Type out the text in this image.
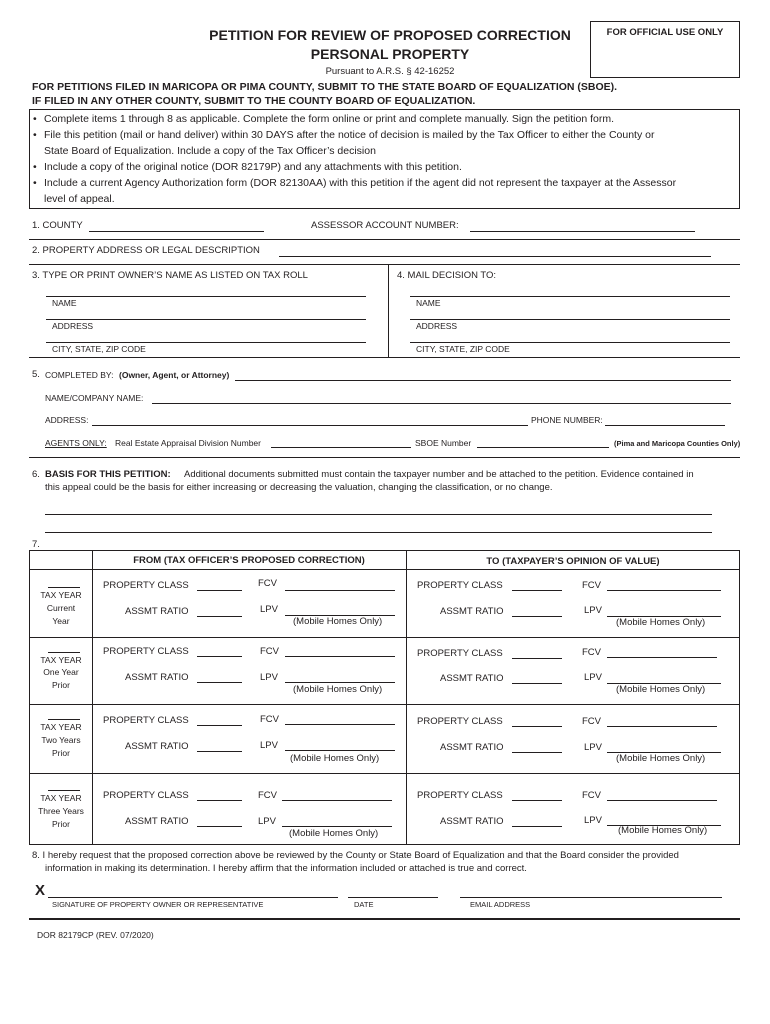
PETITION FOR REVIEW OF PROPOSED CORRECTION
PERSONAL PROPERTY
Pursuant to A.R.S. § 42-16252
FOR OFFICIAL USE ONLY
FOR PETITIONS FILED IN MARICOPA OR PIMA COUNTY, SUBMIT TO THE STATE BOARD OF EQUALIZATION (SBOE).
IF FILED IN ANY OTHER COUNTY, SUBMIT TO THE COUNTY BOARD OF EQUALIZATION.
• Complete items 1 through 8 as applicable. Complete the form online or print and complete manually. Sign the petition form.
• File this petition (mail or hand deliver) within 30 DAYS after the notice of decision is mailed by the Tax Officer to either the County or
State Board of Equalization. Include a copy of the Tax Officer’s decision
• Include a copy of the original notice (DOR 82179P) and any attachments with this petition.
• Include a current Agency Authorization form (DOR 82130AA) with this petition if the agent did not represent the taxpayer at the Assessor
level of appeal.
1. COUNTY	ASSESSOR ACCOUNT NUMBER:
2. PROPERTY ADDRESS OR LEGAL DESCRIPTION
3. TYPE OR PRINT OWNER’S NAME AS LISTED ON TAX ROLL	4. MAIL DECISION TO:
NAME
ADDRESS
CITY, STATE, ZIP CODE
NAME
ADDRESS
CITY, STATE, ZIP CODE
5. COMPLETED BY: (Owner, Agent, or Attorney)
NAME/COMPANY NAME:
ADDRESS:	PHONE NUMBER:
AGENTS ONLY: Real Estate Appraisal Division Number	SBOE Number	(Pima and Maricopa Counties Only)
6. BASIS FOR THIS PETITION: Additional documents submitted must contain the taxpayer number and be attached to the petition. Evidence contained in
this appeal could be the basis for either increasing or decreasing the valuation, changing the classification, or no change.
7.
FROM (TAX OFFICER’S PROPOSED CORRECTION)	TO (TAXPAYER’S OPINION OF VALUE)
TAX YEAR
Current
Year
PROPERTY CLASS	FCV
ASSMT RATIO	LPV
(Mobile Homes Only)
PROPERTY CLASS	FCV
ASSMT RATIO	LPV
(Mobile Homes Only)
TAX YEAR
One Year
Prior
PROPERTY CLASS	FCV
ASSMT RATIO	LPV
(Mobile Homes Only)
PROPERTY CLASS	FCV
ASSMT RATIO	LPV
(Mobile Homes Only)
TAX YEAR
Two Years
Prior
PROPERTY CLASS	FCV
ASSMT RATIO	LPV
(Mobile Homes Only)
PROPERTY CLASS	FCV
ASSMT RATIO	LPV
(Mobile Homes Only)
TAX YEAR
Three Years
Prior
PROPERTY CLASS	FCV
ASSMT RATIO	LPV
(Mobile Homes Only)
PROPERTY CLASS	FCV
ASSMT RATIO	LPV
(Mobile Homes Only)
8. I hereby request that the proposed correction above be reviewed by the County or State Board of Equalization and that the Board consider the provided
information in making its determination. I hereby affirm that the information included or attached is true and correct.
X
SIGNATURE OF PROPERTY OWNER OR REPRESENTATIVE	DATE	EMAIL ADDRESS
DOR 82179CP (REV. 07/2020)
